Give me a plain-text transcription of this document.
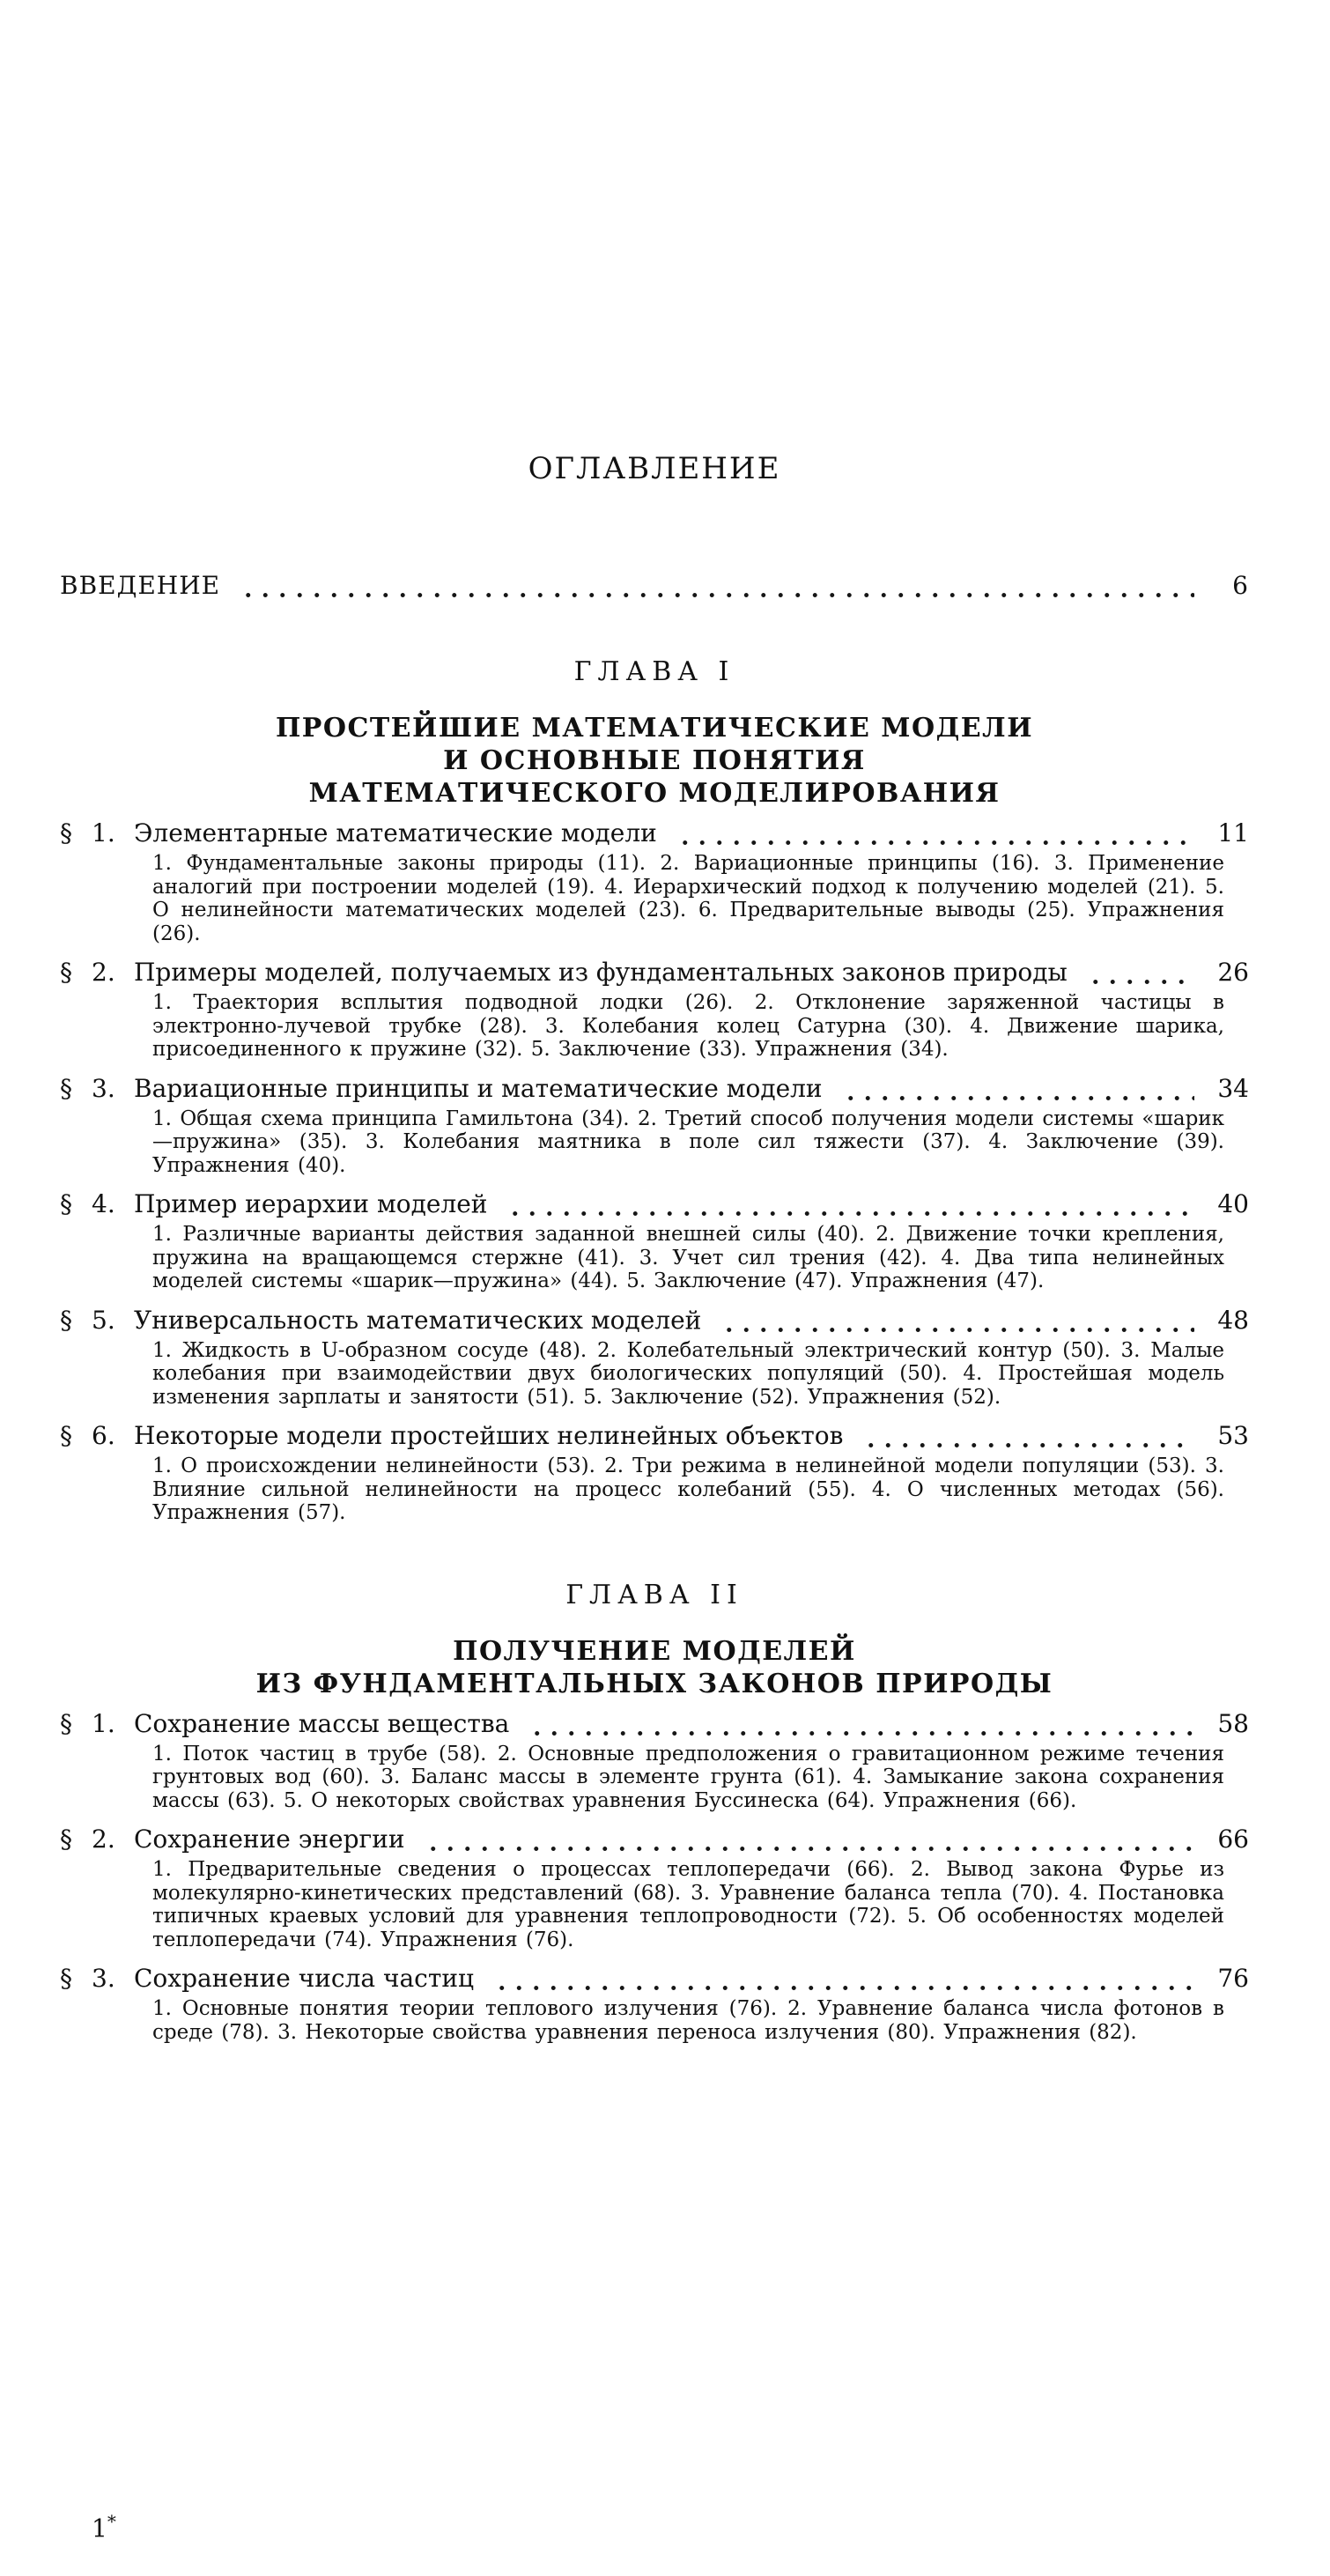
ОГЛАВЛЕНИЕ
ВВЕДЕНИЕ	6
ГЛАВА I
ПРОСТЕЙШИЕ МАТЕМАТИЧЕСКИЕ МОДЕЛИ
И ОСНОВНЫЕ ПОНЯТИЯ
МАТЕМАТИЧЕСКОГО МОДЕЛИРОВАНИЯ
§ 1. Элементарные математические модели	11
1. Фундаментальные законы природы (11). 2. Вариационные принципы (16). 3. Применение аналогий при построении моделей (19). 4. Иерархический подход к получению моделей (21). 5. О нелинейности математических моделей (23). 6. Предварительные выводы (25). Упражнения (26).
§ 2. Примеры моделей, получаемых из фундаментальных законов природы	26
1. Траектория всплытия подводной лодки (26). 2. Отклонение заряженной частицы в электронно-лучевой трубке (28). 3. Колебания колец Сатурна (30). 4. Движение шарика, присоединенного к пружине (32). 5. Заключение (33). Упражнения (34).
§ 3. Вариационные принципы и математические модели	34
1. Общая схема принципа Гамильтона (34). 2. Третий способ получения модели системы «шарик—пружина» (35). 3. Колебания маятника в поле сил тяжести (37). 4. Заключение (39). Упражнения (40).
§ 4. Пример иерархии моделей	40
1. Различные варианты действия заданной внешней силы (40). 2. Движение точки крепления, пружина на вращающемся стержне (41). 3. Учет сил трения (42). 4. Два типа нелинейных моделей системы «шарик—пружина» (44). 5. Заключение (47). Упражнения (47).
§ 5. Универсальность математических моделей	48
1. Жидкость в U-образном сосуде (48). 2. Колебательный электрический контур (50). 3. Малые колебания при взаимодействии двух биологических популяций (50). 4. Простейшая модель изменения зарплаты и занятости (51). 5. Заключение (52). Упражнения (52).
§ 6. Некоторые модели простейших нелинейных объектов	53
1. О происхождении нелинейности (53). 2. Три режима в нелинейной модели популяции (53). 3. Влияние сильной нелинейности на процесс колебаний (55). 4. О численных методах (56). Упражнения (57).
ГЛАВА II
ПОЛУЧЕНИЕ МОДЕЛЕЙ
ИЗ ФУНДАМЕНТАЛЬНЫХ ЗАКОНОВ ПРИРОДЫ
§ 1. Сохранение массы вещества	58
1. Поток частиц в трубе (58). 2. Основные предположения о гравитационном режиме течения грунтовых вод (60). 3. Баланс массы в элементе грунта (61). 4. Замыкание закона сохранения массы (63). 5. О некоторых свойствах уравнения Буссинеска (64). Упражнения (66).
§ 2. Сохранение энергии	66
1. Предварительные сведения о процессах теплопередачи (66). 2. Вывод закона Фурье из молекулярно-кинетических представлений (68). 3. Уравнение баланса тепла (70). 4. Постановка типичных краевых условий для уравнения теплопроводности (72). 5. Об особенностях моделей теплопередачи (74). Упражнения (76).
§ 3. Сохранение числа частиц	76
1. Основные понятия теории теплового излучения (76). 2. Уравнение баланса числа фотонов в среде (78). 3. Некоторые свойства уравнения переноса излучения (80). Упражнения (82).
1*
